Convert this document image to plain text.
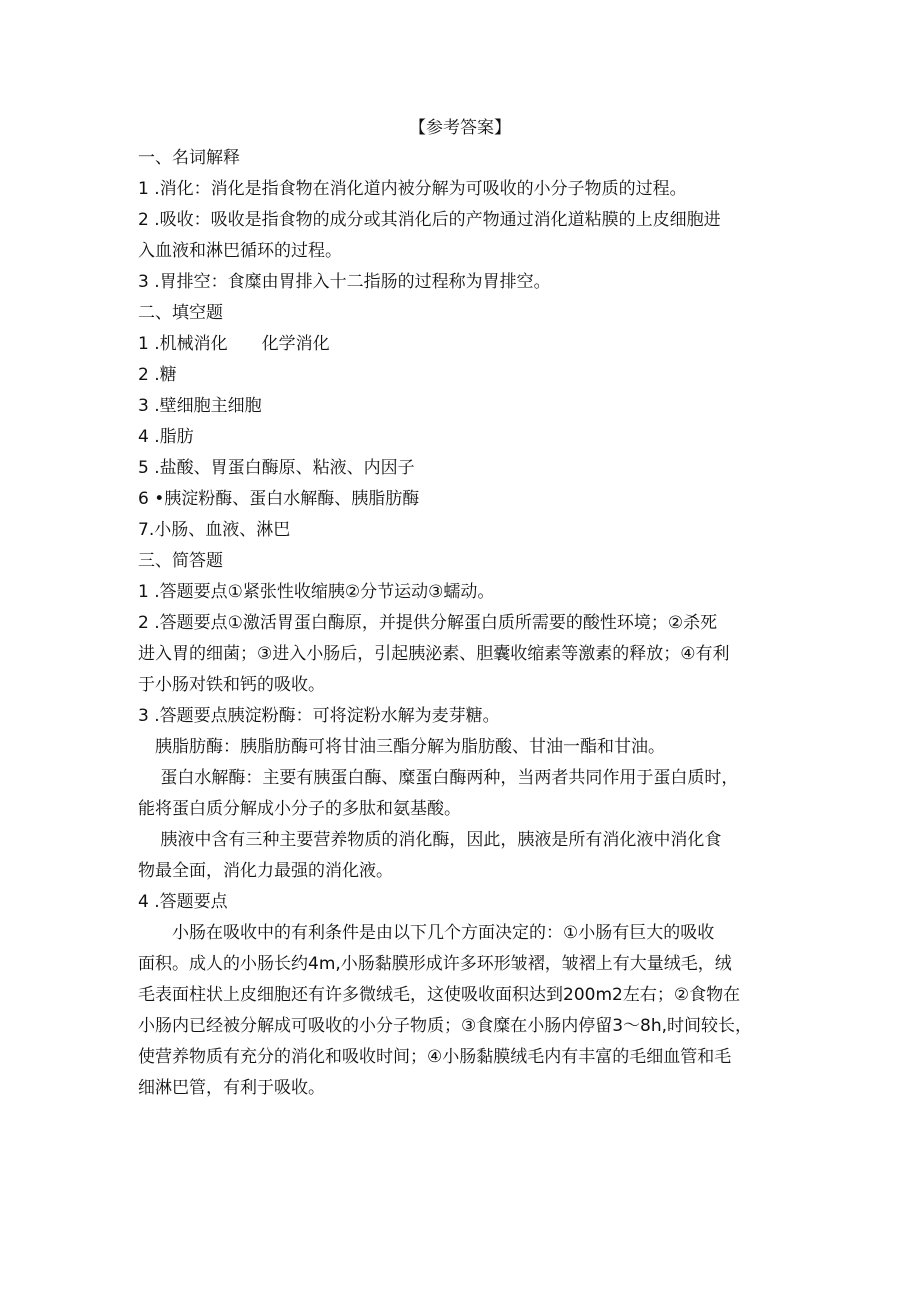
【参考答案】
一、名词解释
1 .消化：消化是指食物在消化道内被分解为可吸收的小分子物质的过程。
2 .吸收：吸收是指食物的成分或其消化后的产物通过消化道粘膜的上皮细胞进
入血液和淋巴循环的过程。
3 .胃排空：食糜由胃排入十二指肠的过程称为胃排空。
二、填空题
1 .机械消化　　化学消化
2 .糖
3 .壁细胞主细胞
4 .脂肪
5 .盐酸、胃蛋白酶原、粘液、内因子
6 •胰淀粉酶、蛋白水解酶、胰脂肪酶
7.小肠、血液、淋巴
三、简答题
1 .答题要点①紧张性收缩胰②分节运动③蠕动。
2 .答题要点①激活胃蛋白酶原，并提供分解蛋白质所需要的酸性环境；②杀死
进入胃的细菌；③进入小肠后，引起胰泌素、胆囊收缩素等激素的释放；④有利
于小肠对铁和钙的吸收。
3 .答题要点胰淀粉酶：可将淀粉水解为麦芽糖。
　胰脂肪酶：胰脂肪酶可将甘油三酯分解为脂肪酸、甘油一酯和甘油。
　 蛋白水解酶：主要有胰蛋白酶、糜蛋白酶两种，当两者共同作用于蛋白质时，
能将蛋白质分解成小分子的多肽和氨基酸。
　 胰液中含有三种主要营养物质的消化酶，因此，胰液是所有消化液中消化食
物最全面，消化力最强的消化液。
4 .答题要点
　　小肠在吸收中的有利条件是由以下几个方面决定的：①小肠有巨大的吸收
面积。成人的小肠长约4m,小肠黏膜形成许多环形皱褶，皱褶上有大量绒毛，绒
毛表面柱状上皮细胞还有许多微绒毛，这使吸收面积达到200m2左右；②食物在
小肠内已经被分解成可吸收的小分子物质；③食糜在小肠内停留3〜8h,时间较长，
使营养物质有充分的消化和吸收时间；④小肠黏膜绒毛内有丰富的毛细血管和毛
细淋巴管，有利于吸收。
